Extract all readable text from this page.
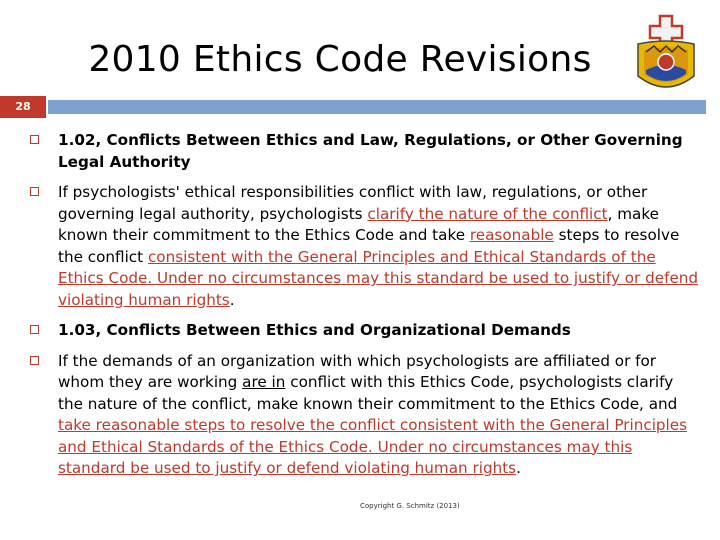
2010 Ethics Code Revisions
28
1.02, Conflicts Between Ethics and Law, Regulations, or Other Governing Legal Authority
If psychologists' ethical responsibilities conflict with law, regulations, or other governing legal authority, psychologists clarify the nature of the conflict, make known their commitment to the Ethics Code and take reasonable steps to resolve the conflict consistent with the General Principles and Ethical Standards of the Ethics Code. Under no circumstances may this standard be used to justify or defend violating human rights.
1.03, Conflicts Between Ethics and Organizational Demands
If the demands of an organization with which psychologists are affiliated or for whom they are working are in conflict with this Ethics Code, psychologists clarify the nature of the conflict, make known their commitment to the Ethics Code, and take reasonable steps to resolve the conflict consistent with the General Principles and Ethical Standards of the Ethics Code. Under no circumstances may this standard be used to justify or defend violating human rights.
Copyright G. Schmitz (2013)
